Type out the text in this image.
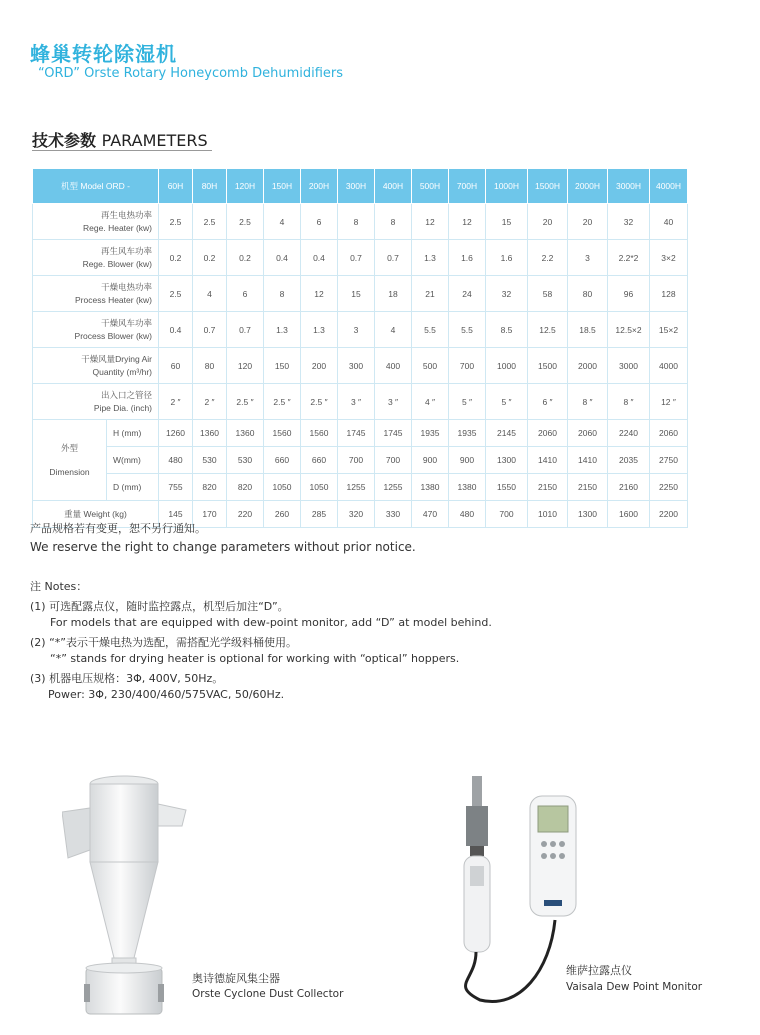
蜂巢转轮除湿机
“ORD” Orste Rotary Honeycomb Dehumidifiers
技术参数 PARAMETERS
机型 Model ORD -		60H	80H	120H	150H	200H	300H	400H	500H	700H	1000H	1500H	2000H	3000H	4000H

再生电热功率
Rege. Heater (kw)		2.5	2.5	2.5	4	6	8	8	12	12	15	20	20	32	40

再生风车功率
Rege. Blower (kw)		0.2	0.2	0.2	0.4	0.4	0.7	0.7	1.3	1.6	1.6	2.2	3	2.2*2	3×2

干燥电热功率
Process Heater (kw)		2.5	4	6	8	12	15	18	21	24	32	58	80	96	128

干燥风车功率
Process Blower (kw)		0.4	0.7	0.7	1.3	1.3	3	4	5.5	5.5	8.5	12.5	18.5	12.5×2	15×2

干燥风量Drying Air
Quantity (m³/hr)		60	80	120	150	200	300	400	500	700	1000	1500	2000	3000	4000

出入口之管径
Pipe Dia. (inch)		2 ″	2 ″	2.5 ″	2.5 ″	2.5 ″	3 ″	3 ″	4 ″	5 ″	5 ″	6 ″	8 ″	8 ″	12 ″

外型
Dimension	H (mm)	1260	1360	1360	1560	1560	1745	1745	1935	1935	2145	2060	2060	2240	2060
	W(mm)	480	530	530	660	660	700	700	900	900	1300	1410	1410	2035	2750
	D (mm)	755	820	820	1050	1050	1255	1255	1380	1380	1550	2150	2150	2160	2250
重量 Weight (kg)		145	170	220	260	285	320	330	470	480	700	1010	1300	1600	2200
产品规格若有变更，恕不另行通知。
We reserve the right to change parameters without prior notice.
注 Notes：
(1) 可选配露点仪，随时监控露点，机型后加注“D”。
For models that are equipped with dew-point monitor, add “D” at model behind.
(2) “*”表示干燥电热为选配，需搭配光学级料桶使用。
“*” stands for drying heater is optional for working with “optical” hoppers.
(3) 机器电压规格：3Φ, 400V, 50Hz。
Power: 3Φ, 230/400/460/575VAC, 50/60Hz.
奥诗德旋风集尘器
Orste Cyclone Dust Collector
维萨拉露点仪
Vaisala Dew Point Monitor
